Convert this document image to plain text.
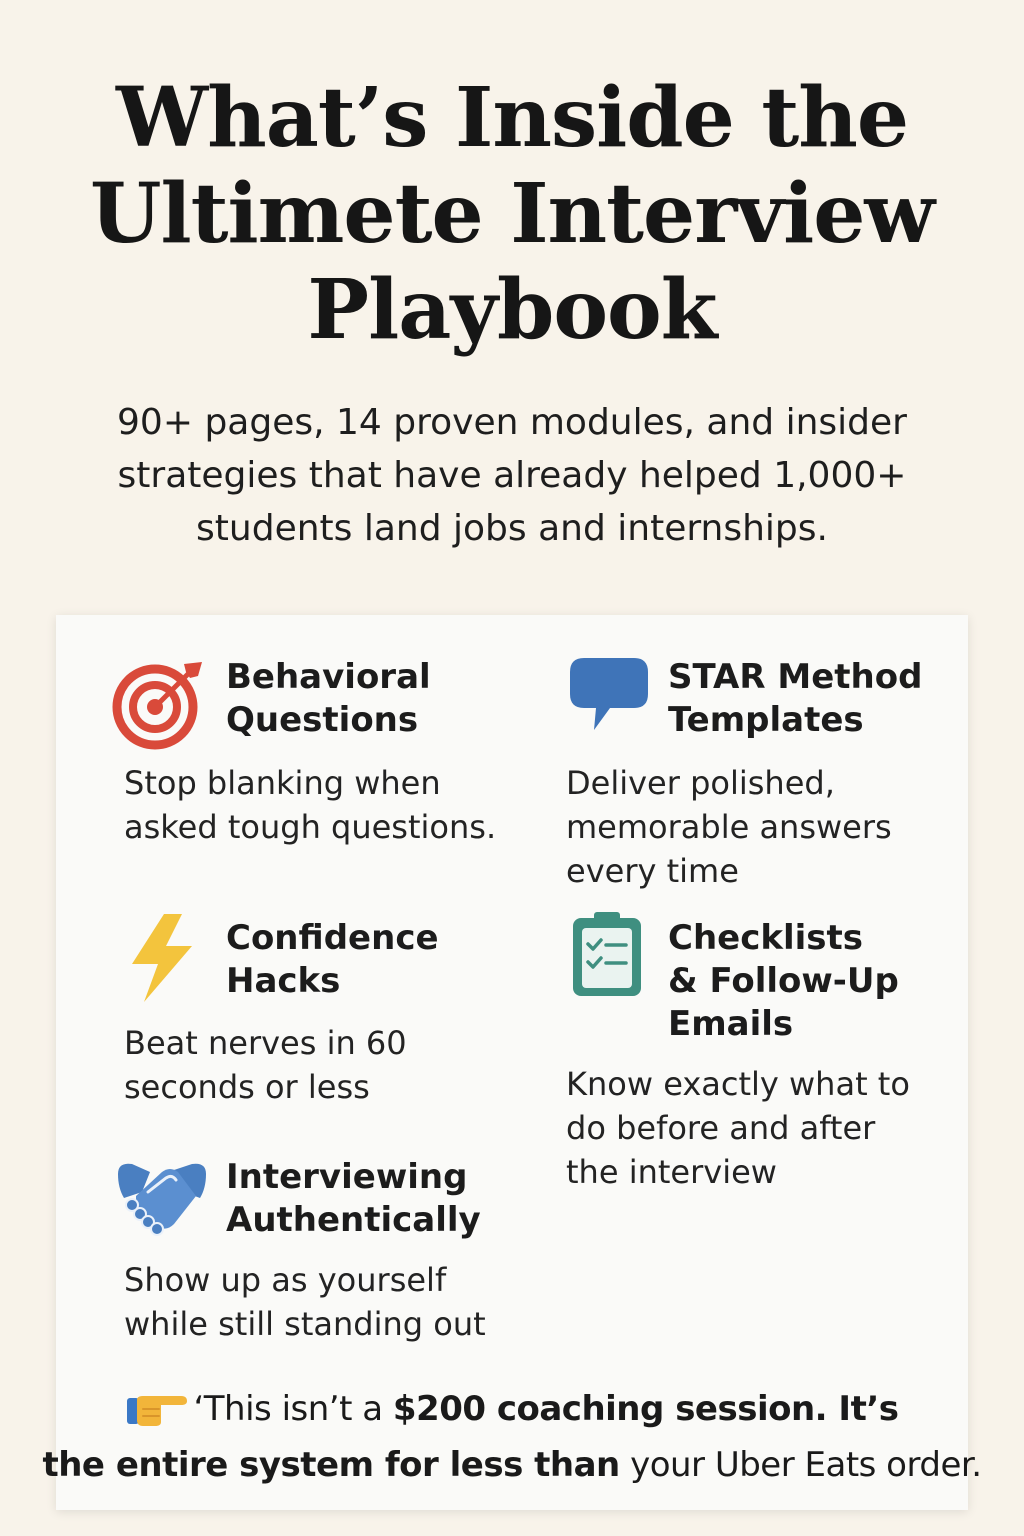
What’s Inside the
Ultimete Interview
Playbook
90+ pages, 14 proven modules, and insider
strategies that have already helped 1,000+
students land jobs and internships.
Behavioral
Questions
Stop blanking when
asked tough questions.
STAR Method
Templates
Deliver polished,
memorable answers
every time
Confidence
Hacks
Beat nerves in 60
seconds or less
Checklists
& Follow-Up
Emails
Know exactly what to
do before and after
the interview
Interviewing
Authentically
Show up as yourself
while still standing out
‘This isn’t a $200 coaching session. It’s
the entire system for less than your Uber Eats order.
